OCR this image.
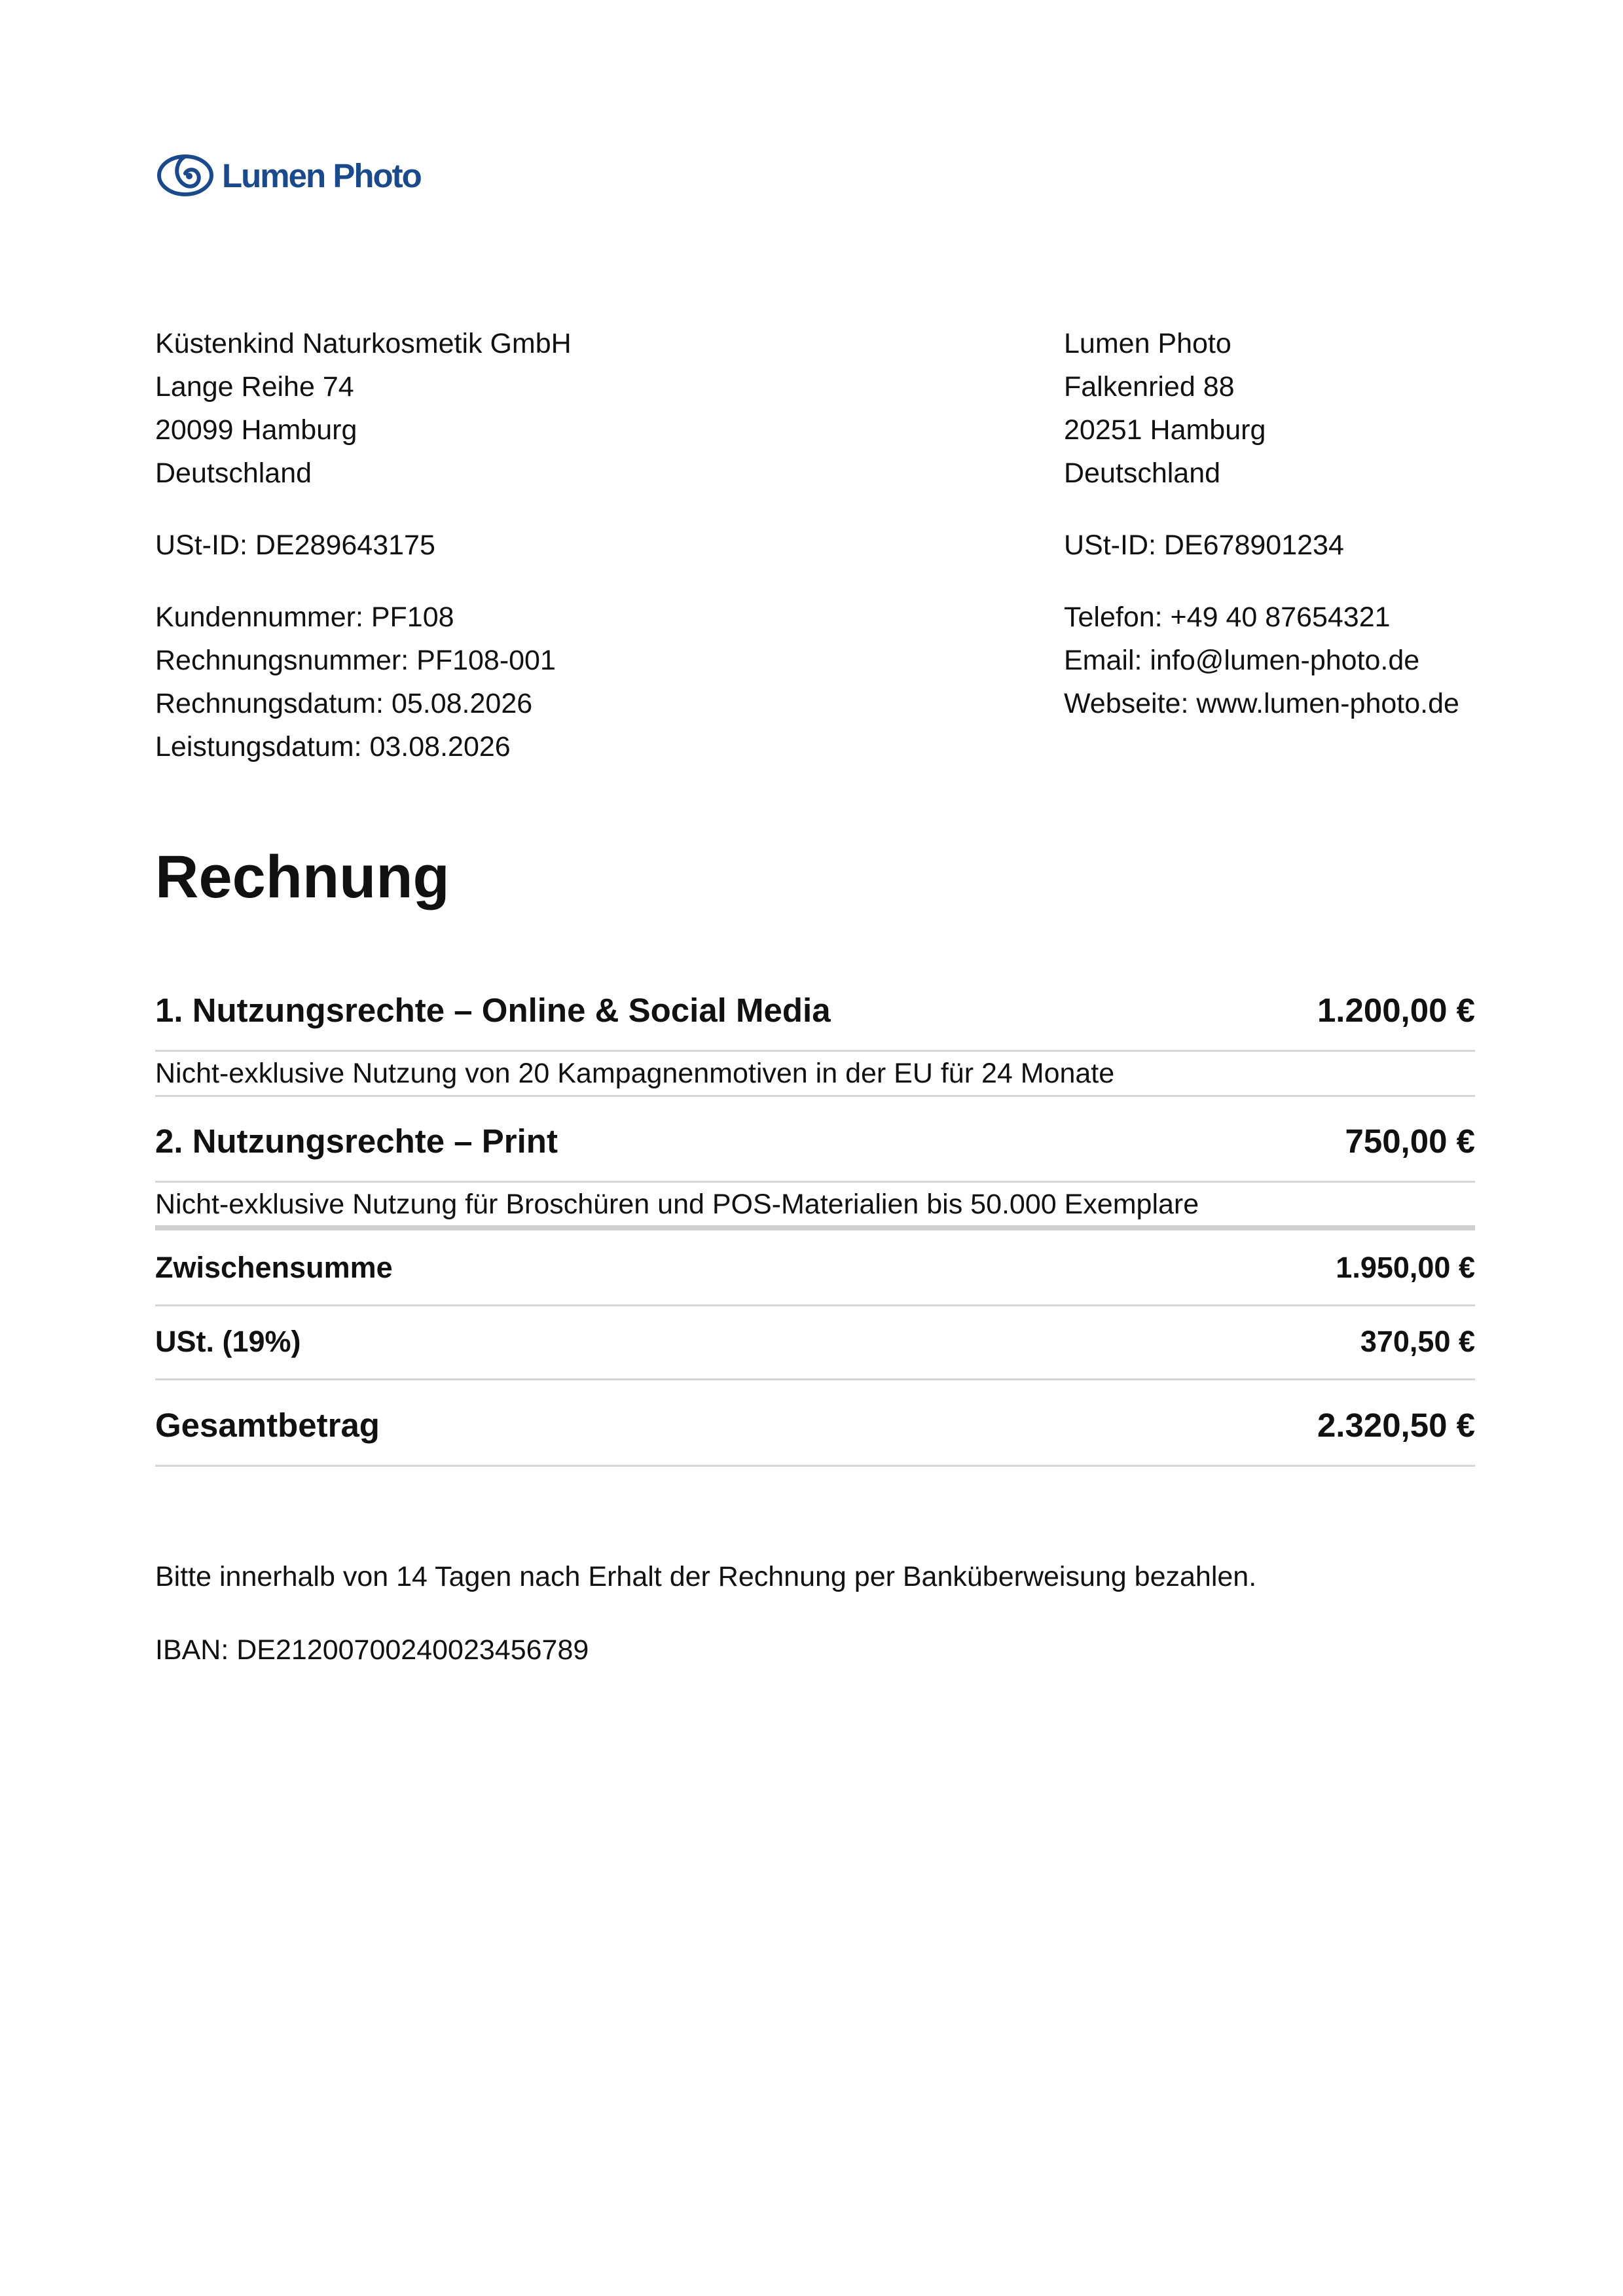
Lumen Photo
Küstenkind Naturkosmetik GmbH
Lange Reihe 74
20099 Hamburg
Deutschland
USt-ID: DE289643175
Kundennummer: PF108
Rechnungsnummer: PF108-001
Rechnungsdatum: 05.08.2026
Leistungsdatum: 03.08.2026
Lumen Photo
Falkenried 88
20251 Hamburg
Deutschland
USt-ID: DE678901234
Telefon: +49 40 87654321
Email: info@lumen-photo.de
Webseite: www.lumen-photo.de
Rechnung
1. Nutzungsrechte – Online & Social Media	1.200,00 €
Nicht-exklusive Nutzung von 20 Kampagnenmotiven in der EU für 24 Monate
2. Nutzungsrechte – Print	750,00 €
Nicht-exklusive Nutzung für Broschüren und POS-Materialien bis 50.000 Exemplare
Zwischensumme	1.950,00 €
USt. (19%)	370,50 €
Gesamtbetrag	2.320,50 €
Bitte innerhalb von 14 Tagen nach Erhalt der Rechnung per Banküberweisung bezahlen.
IBAN: DE21200700240023456789
